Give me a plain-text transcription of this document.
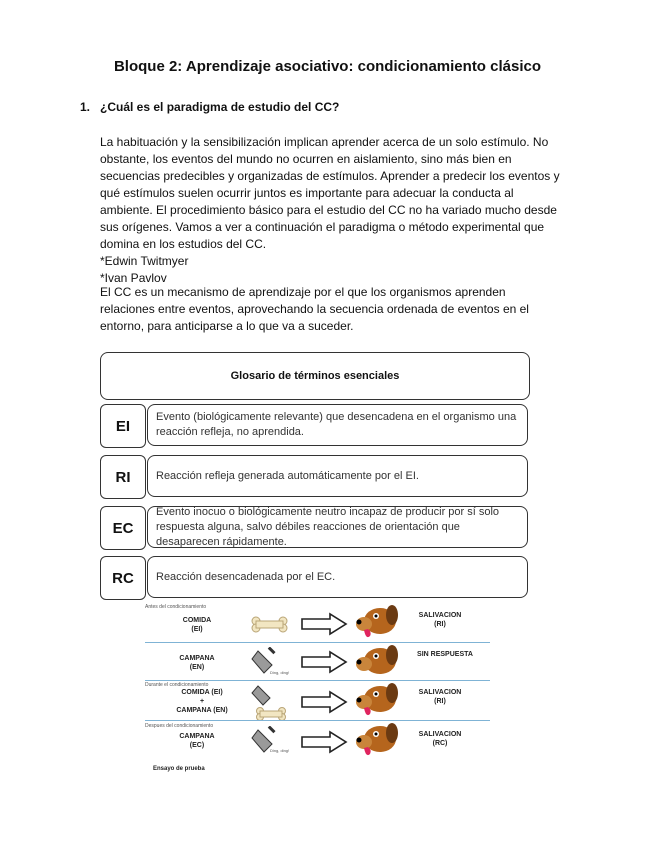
Bloque 2: Aprendizaje asociativo: condicionamiento clásico
1. ¿Cuál es el paradigma de estudio del CC?
La habituación y la sensibilización implican aprender acerca de un solo estímulo. No
obstante, los eventos del mundo no ocurren en aislamiento, sino más bien en
secuencias predecibles y organizadas de estímulos. Aprender a predecir los eventos y
qué estímulos suelen ocurrir juntos es importante para adecuar la conducta al
ambiente. El procedimiento básico para el estudio del CC no ha variado mucho desde
sus orígenes. Vamos a ver a continuación el paradigma o método experimental que
domina en los estudios del CC.
*Edwin Twitmyer
*Ivan Pavlov
El CC es un mecanismo de aprendizaje por el que los organismos aprenden
relaciones entre eventos, aprovechando la secuencia ordenada de eventos en el
entorno, para anticiparse a lo que va a suceder.
Glosario de términos esenciales
EI
Evento (biológicamente relevante) que desencadena en el organismo una reacción refleja, no aprendida.
RI	Reacción refleja generada automáticamente por el EI.
EC
Evento inocuo o biológicamente neutro incapaz de producir por sí solo respuesta alguna, salvo débiles reacciones de orientación que desaparecen rápidamente.
RC	Reacción desencadenada por el EC.
Antes del condicionamiento
Durante el condicionamiento
Despues del condicionamiento
Ensayo de prueba
COMIDA
(EI)
SALIVACION
(RI)
CAMPANA
(EN)
Ding, ding!
SIN RESPUESTA
COMIDA (EI)
+
CAMPANA (EN)
SALIVACION
(RI)
CAMPANA
(EC)
Ding, ding!
SALIVACION
(RC)
